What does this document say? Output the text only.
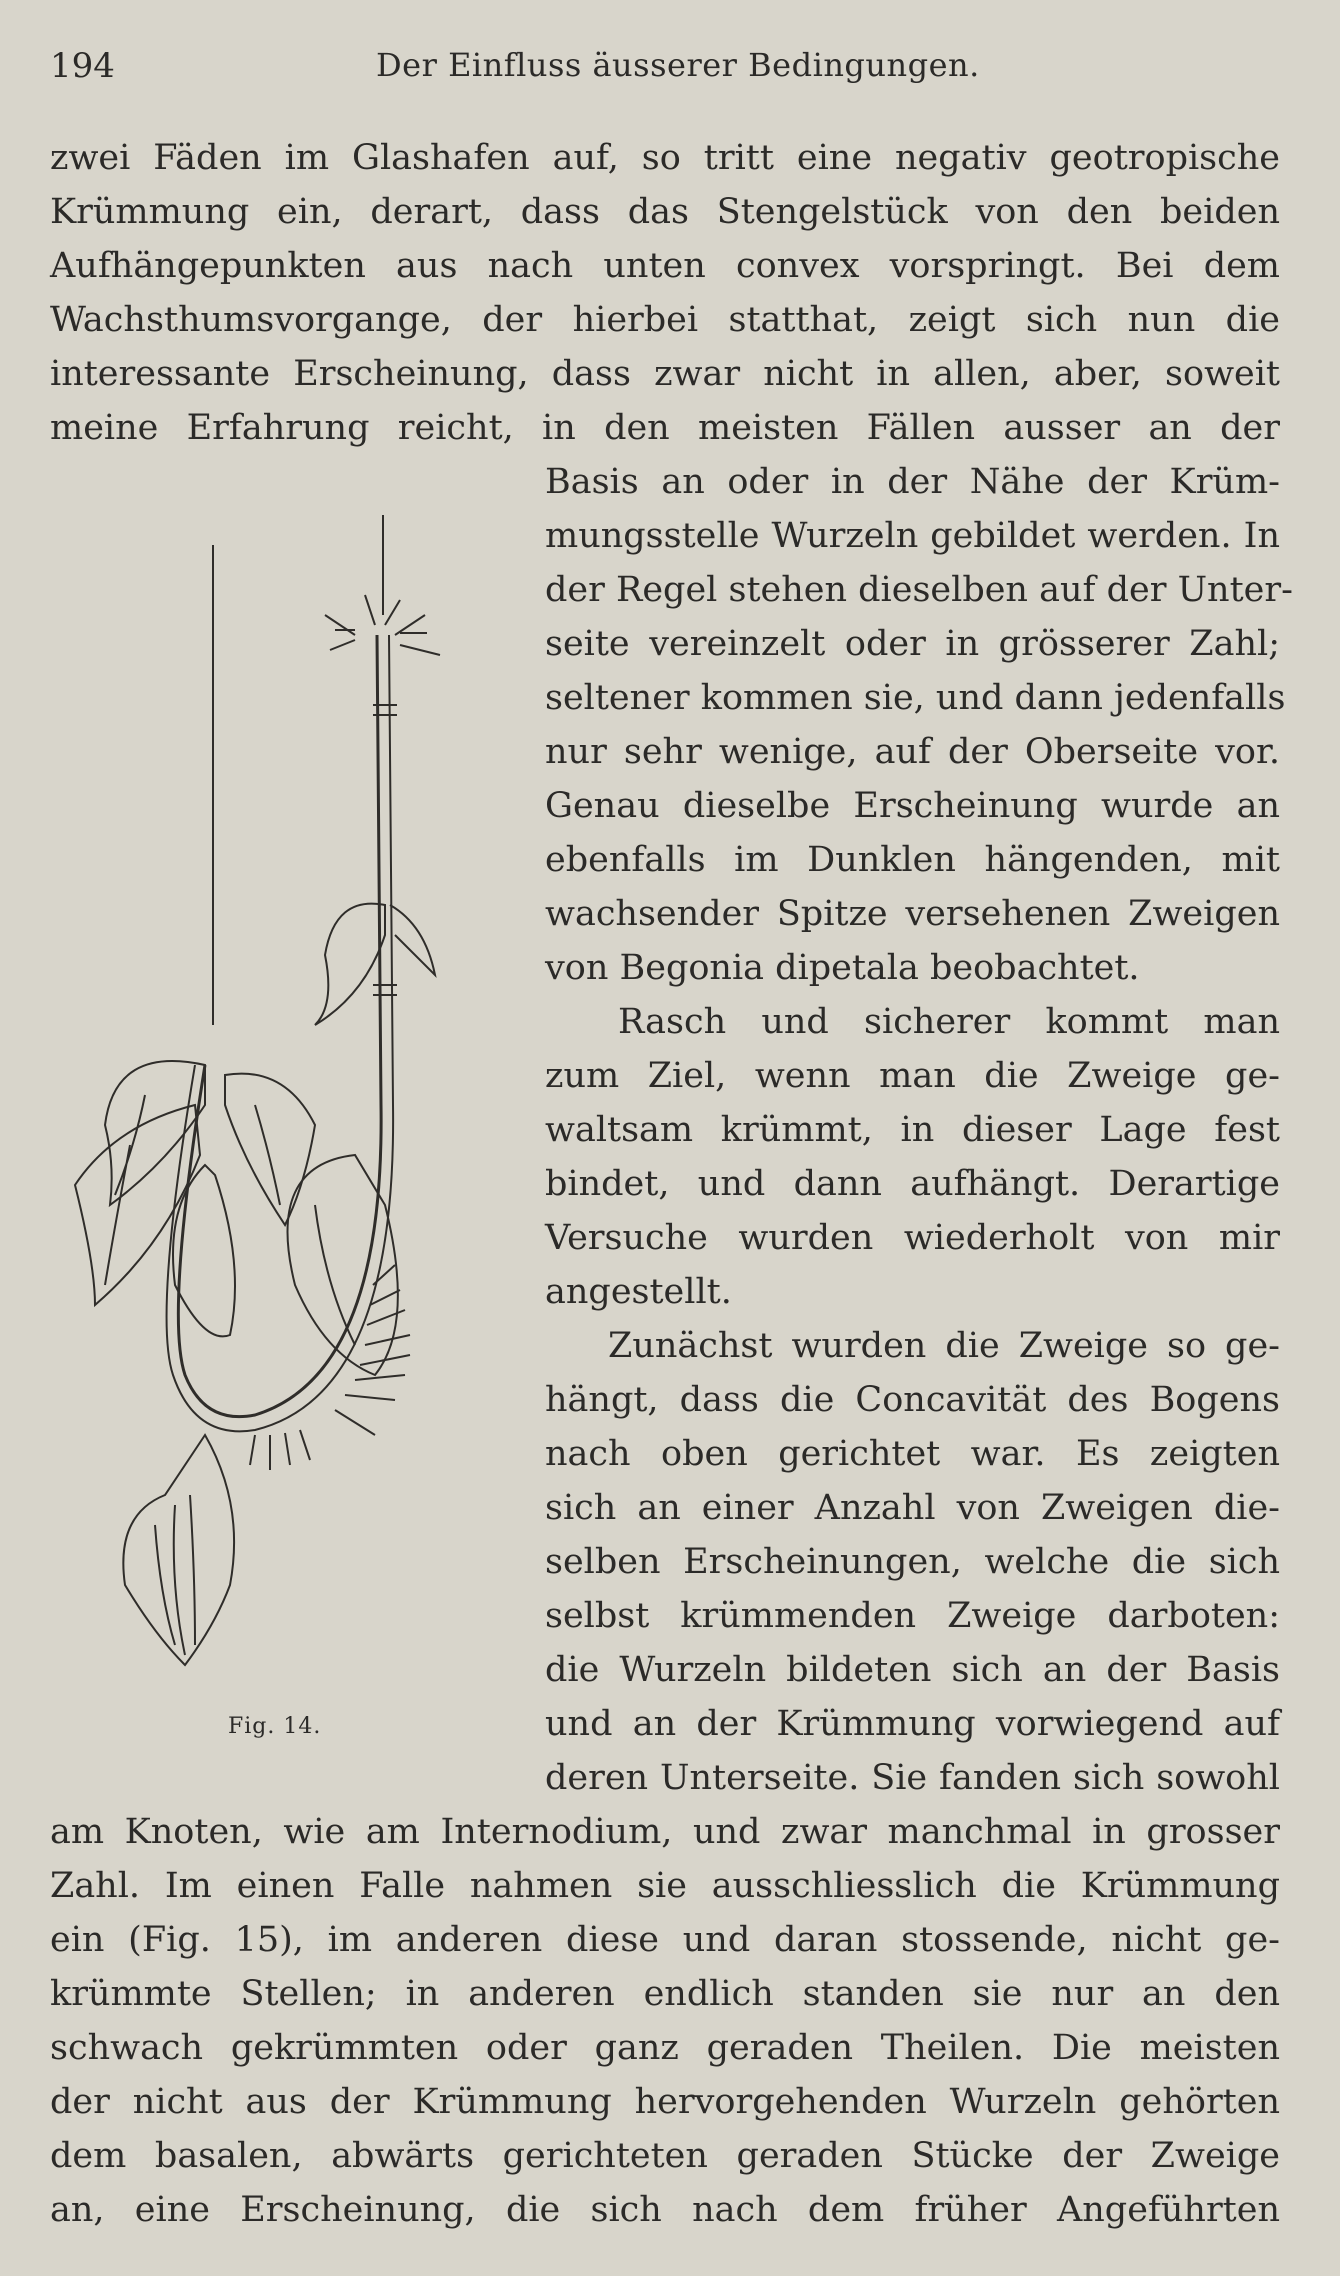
194	Der Einfluss äusserer Bedingungen.
zwei Fäden im Glashafen auf, so tritt eine negativ geotropische
Krümmung ein, derart, dass das Stengelstück von den beiden
Aufhängepunkten aus nach unten convex vorspringt. Bei dem
Wachsthumsvorgange, der hierbei statthat, zeigt sich nun die
interessante Erscheinung, dass zwar nicht in allen, aber, soweit
meine Erfahrung reicht, in den meisten Fällen ausser an der
Basis an oder in der Nähe der Krüm-
mungsstelle Wurzeln gebildet werden. In
der Regel stehen dieselben auf der Unter-
seite vereinzelt oder in grösserer Zahl;
seltener kommen sie, und dann jedenfalls
nur sehr wenige, auf der Oberseite vor.
Genau dieselbe Erscheinung wurde an
ebenfalls im Dunklen hängenden, mit
wachsender Spitze versehenen Zweigen
von Begonia dipetala beobachtet.
Rasch und sicherer kommt man
zum Ziel, wenn man die Zweige ge-
waltsam krümmt, in dieser Lage fest
bindet, und dann aufhängt. Derartige
Versuche wurden wiederholt von mir
angestellt.
Zunächst wurden die Zweige so ge-
hängt, dass die Concavität des Bogens
nach oben gerichtet war. Es zeigten
sich an einer Anzahl von Zweigen die-
selben Erscheinungen, welche die sich
selbst krümmenden Zweige darboten:
die Wurzeln bildeten sich an der Basis
und an der Krümmung vorwiegend auf
deren Unterseite. Sie fanden sich sowohl
am Knoten, wie am Internodium, und zwar manchmal in grosser
Zahl. Im einen Falle nahmen sie ausschliesslich die Krümmung
ein (Fig. 15), im anderen diese und daran stossende, nicht ge-
krümmte Stellen; in anderen endlich standen sie nur an den
schwach gekrümmten oder ganz geraden Theilen. Die meisten
der nicht aus der Krümmung hervorgehenden Wurzeln gehörten
dem basalen, abwärts gerichteten geraden Stücke der Zweige
an, eine Erscheinung, die sich nach dem früher Angeführten
Fig. 14.
